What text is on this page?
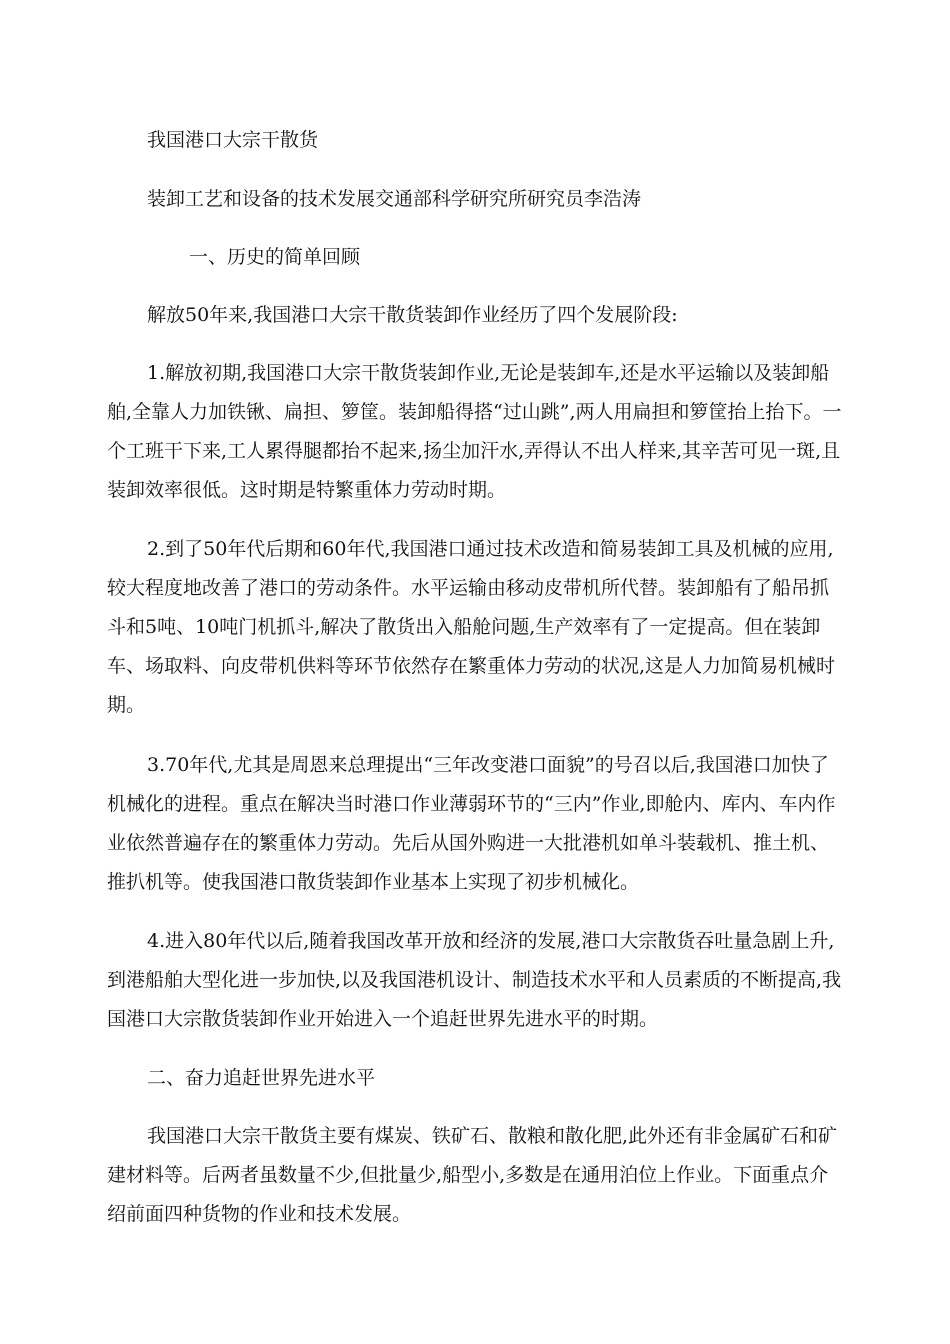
我国港口大宗干散货

装卸工艺和设备的技术发展交通部科学研究所研究员李浩涛

一、历史的简单回顾

解放50年来,我国港口大宗干散货装卸作业经历了四个发展阶段:

1.解放初期,我国港口大宗干散货装卸作业,无论是装卸车,还是水平运输以及装卸船舶,全靠人力加铁锹、扁担、箩筐。装卸船得搭“过山跳”,两人用扁担和箩筐抬上抬下。一个工班干下来,工人累得腿都抬不起来,扬尘加汗水,弄得认不出人样来,其辛苦可见一斑,且装卸效率很低。这时期是特繁重体力劳动时期。

2.到了50年代后期和60年代,我国港口通过技术改造和简易装卸工具及机械的应用,较大程度地改善了港口的劳动条件。水平运输由移动皮带机所代替。装卸船有了船吊抓斗和5吨、10吨门机抓斗,解决了散货出入船舱问题,生产效率有了一定提高。但在装卸车、场取料、向皮带机供料等环节依然存在繁重体力劳动的状况,这是人力加简易机械时期。

3.70年代,尤其是周恩来总理提出“三年改变港口面貌”的号召以后,我国港口加快了机械化的进程。重点在解决当时港口作业薄弱环节的“三内”作业,即舱内、库内、车内作业依然普遍存在的繁重体力劳动。先后从国外购进一大批港机如单斗装载机、推土机、推扒机等。使我国港口散货装卸作业基本上实现了初步机械化。

4.进入80年代以后,随着我国改革开放和经济的发展,港口大宗散货吞吐量急剧上升,到港船舶大型化进一步加快,以及我国港机设计、制造技术水平和人员素质的不断提高,我国港口大宗散货装卸作业开始进入一个追赶世界先进水平的时期。

二、奋力追赶世界先进水平

我国港口大宗干散货主要有煤炭、铁矿石、散粮和散化肥,此外还有非金属矿石和矿建材料等。后两者虽数量不少,但批量少,船型小,多数是在通用泊位上作业。下面重点介绍前面四种货物的作业和技术发展。
